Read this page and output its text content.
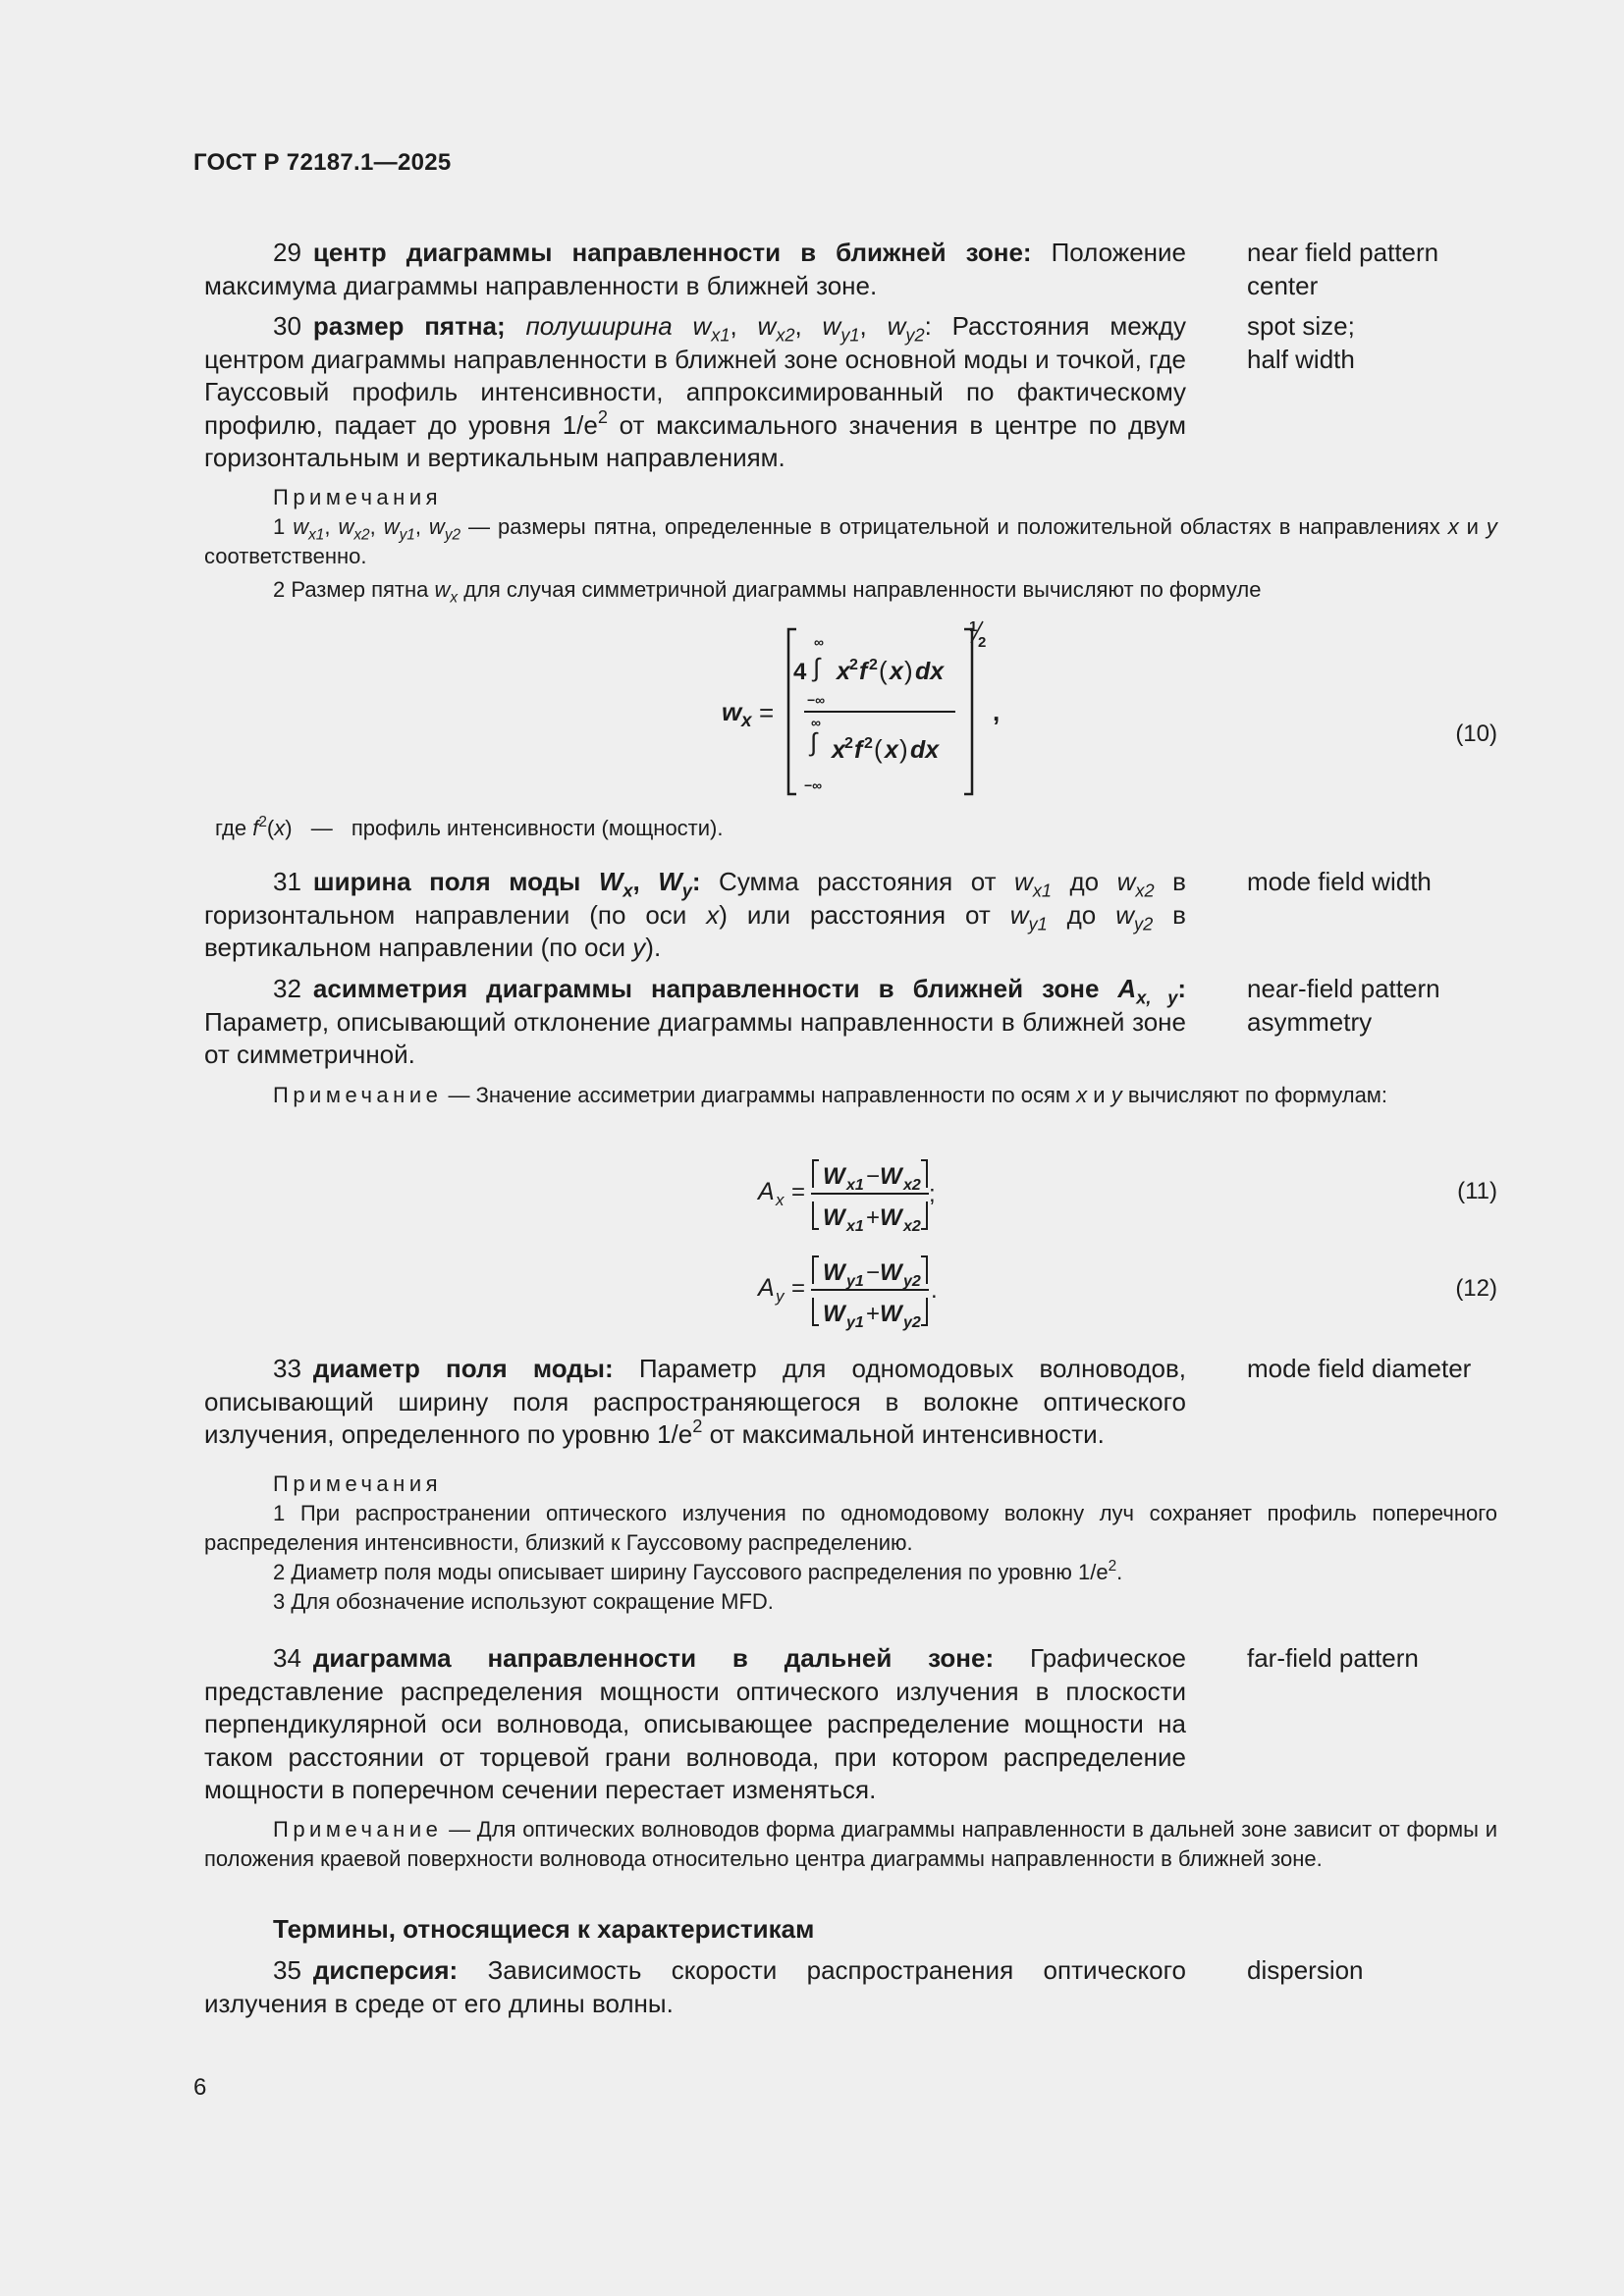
ГОСТ Р 72187.1—2025
29 центр диаграммы направленности в ближней зоне: Положение максимума диаграммы направленности в ближней зоне.
near field pattern
center
30 размер пятна; полуширина $w_{x1}$, $w_{x2}$, $w_{y1}$, $w_{y2}$: Расстояния между центром диаграммы направленности в ближней зоне основной моды и точкой, где Гауссовый профиль интенсивности, аппроксимированный по фактическому профилю, падает до уровня $1/e^2$ от максимального значения в центре по двум горизонтальным и вертикальным направлениям.
spot size;
half width
Примечания
1 $w_{x1}$, $w_{x2}$, $w_{y1}$, $w_{y2}$ — размеры пятна, определенные в отрицательной и положительной областях в направлениях x и y соответственно.
2 Размер пятна $w_x$ для случая симметричной диаграммы направленности вычисляют по формуле
w x =
4 ∫
∞
−∞
x 2 f 2 ( x ) dx
∫
∞
−∞
x 2 f 2 ( x ) dx
1
2
,
(10)
где $f^2(x)$ — профиль интенсивности (мощности).
31 ширина поля моды $W_x$, $W_y$: Сумма расстояния от $w_{x1}$ до $w_{x2}$ в горизонтальном направлении (по оси x) или расстояния от $w_{y1}$ до $w_{y2}$ в вертикальном направлении (по оси y).
mode field width
32 асимметрия диаграммы направленности в ближней зоне $A_{x, y}$: Параметр, описывающий отклонение диаграммы направленности в ближней зоне от симметричной.
near-field pattern
asymmetry
Примечание — Значение ассиметрии диаграммы направленности по осям x и y вычисляют по формулам:
A x =
W x1 − W x2
W x1 + W x2
;	(11)
A y =
W y1 − W y2
W y1 + W y2
.	(12)
33 диаметр поля моды: Параметр для одномодовых волноводов, описывающий ширину поля распространяющегося в волокне оптического излучения, определенного по уровню $1/e^2$ от максимальной интенсивности.
mode field diameter
Примечания
1 При распространении оптического излучения по одномодовому волокну луч сохраняет профиль поперечного распределения интенсивности, близкий к Гауссовому распределению.
2 Диаметр поля моды описывает ширину Гауссового распределения по уровню $1/e^2$.
3 Для обозначение используют сокращение MFD.
34 диаграмма направленности в дальней зоне: Графическое представление распределения мощности оптического излучения в плоскости перпендикулярной оси волновода, описывающее распределение мощности на таком расстоянии от торцевой грани волновода, при котором распределение мощности в поперечном сечении перестает изменяться.
far-field pattern
Примечание — Для оптических волноводов форма диаграммы направленности в дальней зоне зависит от формы и положения краевой поверхности волновода относительно центра диаграммы направленности в ближней зоне.
Термины, относящиеся к характеристикам
35 дисперсия: Зависимость скорости распространения оптического излучения в среде от его длины волны.
dispersion
6
